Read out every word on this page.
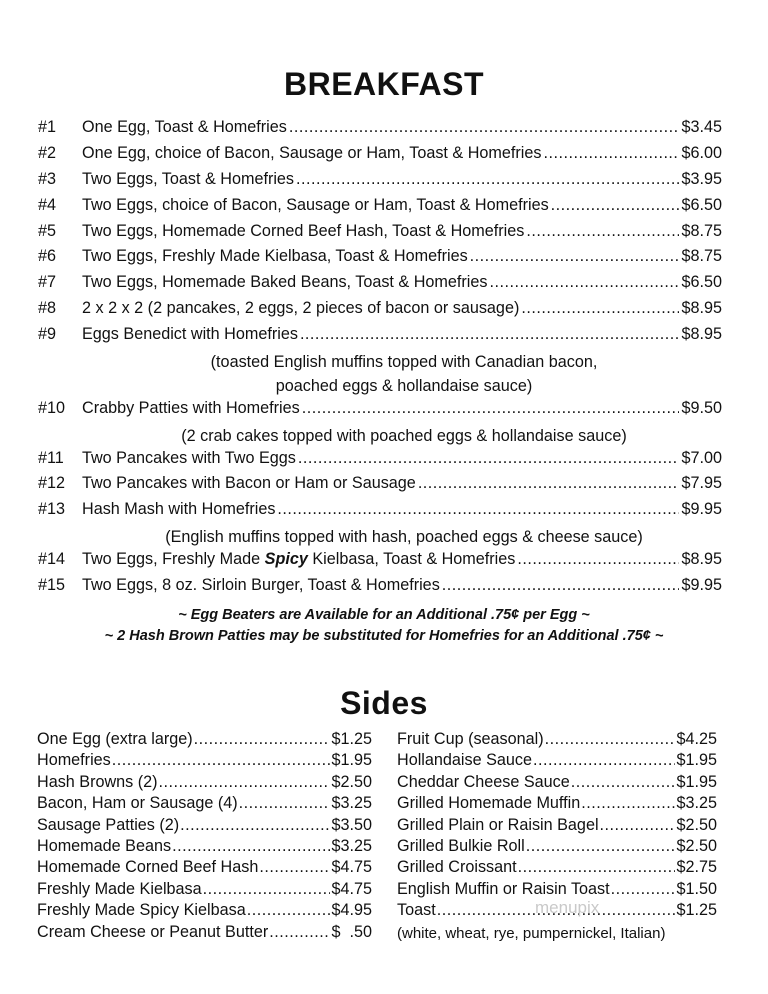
BREAKFAST
#1	One Egg, Toast & Homefries .....	$3.45
#2	One Egg, choice of Bacon, Sausage or Ham, Toast & Homefries .....	$6.00
#3	Two Eggs, Toast & Homefries .....	$3.95
#4	Two Eggs, choice of Bacon, Sausage or Ham, Toast & Homefries .....	$6.50
#5	Two Eggs, Homemade Corned Beef Hash, Toast & Homefries .....	$8.75
#6	Two Eggs, Freshly Made Kielbasa, Toast & Homefries .....	$8.75
#7	Two Eggs, Homemade Baked Beans, Toast & Homefries .....	$6.50
#8	2 x 2 x 2 (2 pancakes, 2 eggs, 2 pieces of bacon or sausage) .....	$8.95
#9	Eggs Benedict with Homefries .....	$8.95
(toasted English muffins topped with Canadian bacon,
poached eggs & hollandaise sauce)
#10	Crabby Patties with Homefries .....	$9.50
(2 crab cakes topped with poached eggs & hollandaise sauce)
#11	Two Pancakes with Two Eggs .....	$7.00
#12	Two Pancakes with Bacon or Ham or Sausage .....	$7.95
#13	Hash Mash with Homefries .....	$9.95
(English muffins topped with hash, poached eggs & cheese sauce)
#14	Two Eggs, Freshly Made Spicy Kielbasa, Toast & Homefries .....	$8.95
#15	Two Eggs, 8 oz. Sirloin Burger, Toast & Homefries .....	$9.95
~ Egg Beaters are Available for an Additional .75¢ per Egg ~
~ 2 Hash Brown Patties may be substituted for Homefries for an Additional .75¢ ~
Sides
One Egg (extra large) .....	$1.25
Homefries .....	$1.95
Hash Browns (2) .....	$2.50
Bacon, Ham or Sausage (4) .....	$3.25
Sausage Patties (2) .....	$3.50
Homemade Beans .....	$3.25
Homemade Corned Beef Hash .....	$4.75
Freshly Made Kielbasa .....	$4.75
Freshly Made Spicy Kielbasa .....	$4.95
Cream Cheese or Peanut Butter .....	$  .50
Fruit Cup (seasonal) .....	$4.25
Hollandaise Sauce .....	$1.95
Cheddar Cheese Sauce .....	$1.95
Grilled Homemade Muffin .....	$3.25
Grilled Plain or Raisin Bagel .....	$2.50
Grilled Bulkie Roll .....	$2.50
Grilled Croissant .....	$2.75
English Muffin or Raisin Toast .....	$1.50
Toast .....	$1.25
(white, wheat, rye, pumpernickel, Italian)
menupix
